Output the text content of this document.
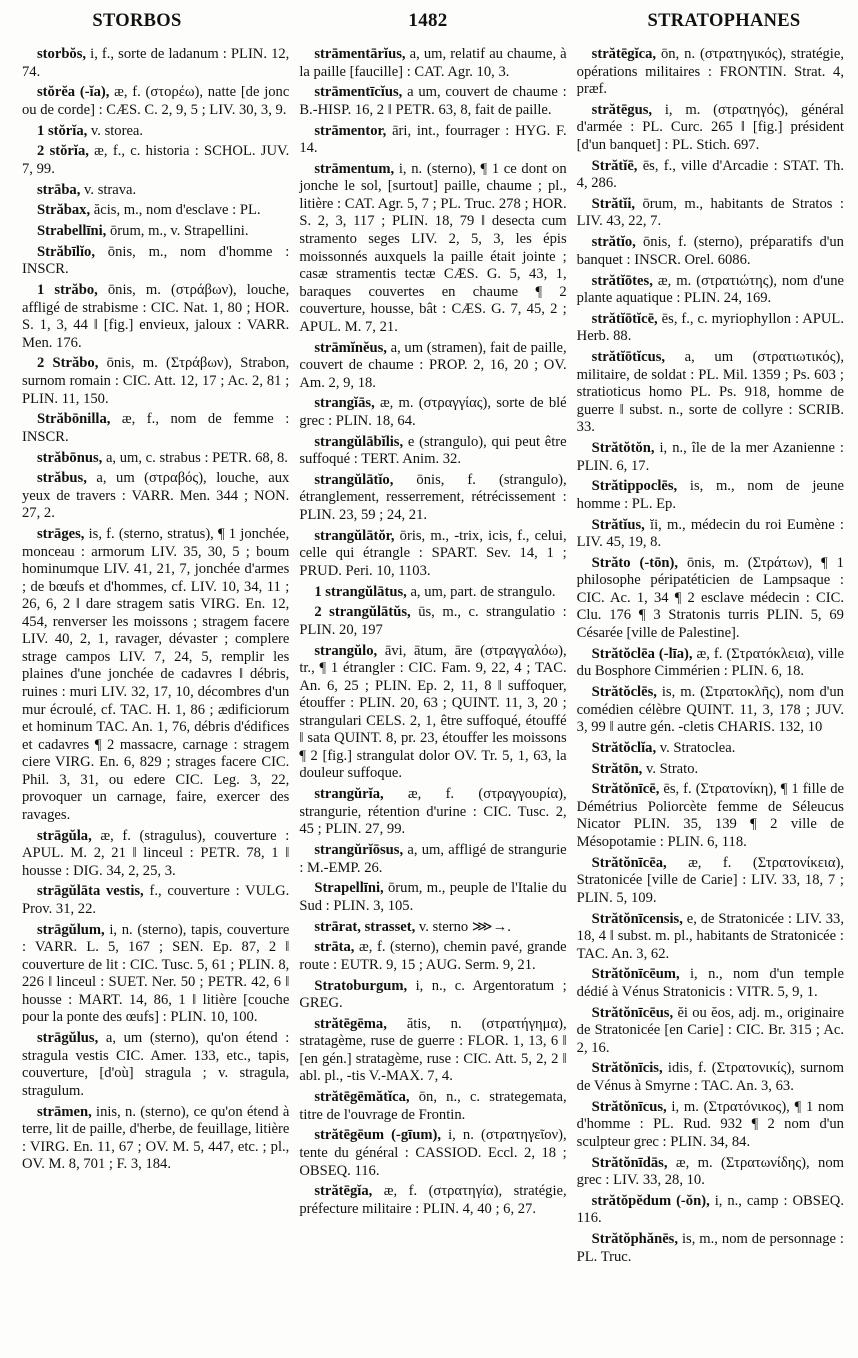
STORBOS	1482	STRATOPHANES

storbŏs, i, f., sorte de ladanum : PLIN. 12, 74.

stŏrĕa (-ĭa), æ, f. (στορέω), natte [de jonc ou de corde] : CÆS. C. 2, 9, 5 ; LIV. 30, 3, 9.

1 stŏrĭa, v. storea.

2 stŏrĭa, æ, f., c. historia : SCHOL. JUV. 7, 99.

strāba, v. strava.

Străbax, ăcis, m., nom d'esclave : PL.

Strabellīni, ōrum, m., v. Strapellini.

Străbīlĭo, ōnis, m., nom d'homme : INSCR.

1 străbo, ōnis, m. (στράβων), louche, affligé de strabisme : CIC. Nat. 1, 80 ; HOR. S. 1, 3, 44 ‖ [fig.] envieux, jaloux : VARR. Men. 176.

2 Străbo, ōnis, m. (Στράβων), Strabon, surnom romain : CIC. Att. 12, 17 ; Ac. 2, 81 ; PLIN. 11, 150.

Străbōnilla, æ, f., nom de femme : INSCR.

străbōnus, a, um, c. strabus : PETR. 68, 8.

străbus, a, um (στραβός), louche, aux yeux de travers : VARR. Men. 344 ; NON. 27, 2.

strāges, is, f. (sterno, stratus), ¶ 1 jonchée, monceau : armorum LIV. 35, 30, 5 ; boum hominumque LIV. 41, 21, 7, jonchée d'armes ; de bœufs et d'hommes, cf. LIV. 10, 34, 11 ; 26, 6, 2 ‖ dare stragem satis VIRG. En. 12, 454, renverser les moissons ; stragem facere LIV. 40, 2, 1, ravager, dévaster ; complere strage campos LIV. 7, 24, 5, remplir les plaines d'une jonchée de cadavres ‖ débris, ruines : muri LIV. 32, 17, 10, décombres d'un mur écroulé, cf. TAC. H. 1, 86 ; ædificiorum et hominum TAC. An. 1, 76, débris d'édifices et cadavres ¶ 2 massacre, carnage : stragem ciere VIRG. En. 6, 829 ; strages facere CIC. Phil. 3, 31, ou edere CIC. Leg. 3, 22, provoquer un carnage, faire, exercer des ravages.

strāgŭla, æ, f. (stragulus), couverture : APUL. M. 2, 21 ‖ linceul : PETR. 78, 1 ‖ housse : DIG. 34, 2, 25, 3.

strāgŭlāta vestis, f., couverture : VULG. Prov. 31, 22.

strāgŭlum, i, n. (sterno), tapis, couverture : VARR. L. 5, 167 ; SEN. Ep. 87, 2 ‖ couverture de lit : CIC. Tusc. 5, 61 ; PLIN. 8, 226 ‖ linceul : SUET. Ner. 50 ; PETR. 42, 6 ‖ housse : MART. 14, 86, 1 ‖ litière [couche pour la ponte des œufs] : PLIN. 10, 100.

strāgŭlus, a, um (sterno), qu'on étend : stragula vestis CIC. Amer. 133, etc., tapis, couverture, [d'où] stragula ; v. stragula, stragulum.

strāmen, inis, n. (sterno), ce qu'on étend à terre, lit de paille, d'herbe, de feuillage, litière : VIRG. En. 11, 67 ; OV. M. 5, 447, etc. ; pl., OV. M. 8, 701 ; F. 3, 184.

strāmentārĭus, a, um, relatif au chaume, à la paille [faucille] : CAT. Agr. 10, 3.

strāmentīcĭus, a um, couvert de chaume : B.-HISP. 16, 2 ‖ PETR. 63, 8, fait de paille.

strāmentor, āri, int., fourrager : HYG. F. 14.

strāmentum, i, n. (sterno), ¶ 1 ce dont on jonche le sol, [surtout] paille, chaume ; pl., litière : CAT. Agr. 5, 7 ; PL. Truc. 278 ; HOR. S. 2, 3, 117 ; PLIN. 18, 79 ‖ desecta cum stramento seges LIV. 2, 5, 3, les épis moissonnés auxquels la paille était jointe ; casæ stramentis tectæ CÆS. G. 5, 43, 1, baraques couvertes en chaume ¶ 2 couverture, housse, bât : CÆS. G. 7, 45, 2 ; APUL. M. 7, 21.

strāmĭnĕus, a, um (stramen), fait de paille, couvert de chaume : PROP. 2, 16, 20 ; OV. Am. 2, 9, 18.

strangĭās, æ, m. (στραγγίας), sorte de blé grec : PLIN. 18, 64.

strangŭlābĭlis, e (strangulo), qui peut être suffoqué : TERT. Anim. 32.

strangŭlātĭo, ōnis, f. (strangulo), étranglement, resserrement, rétrécissement : PLIN. 23, 59 ; 24, 21.

strangŭlātŏr, ōris, m., -trix, icis, f., celui, celle qui étrangle : SPART. Sev. 14, 1 ; PRUD. Peri. 10, 1103.

1 strangŭlātus, a, um, part. de strangulo.

2 strangŭlātŭs, ūs, m., c. strangulatio : PLIN. 20, 197

strangŭlo, āvi, ātum, āre (στραγγαλόω), tr., ¶ 1 étrangler : CIC. Fam. 9, 22, 4 ; TAC. An. 6, 25 ; PLIN. Ep. 2, 11, 8 ‖ suffoquer, étouffer : PLIN. 20, 63 ; QUINT. 11, 3, 20 ; strangulari CELS. 2, 1, être suffoqué, étouffé ‖ sata QUINT. 8, pr. 23, étouffer les moissons ¶ 2 [fig.] strangulat dolor OV. Tr. 5, 1, 63, la douleur suffoque.

strangŭrĭa, æ, f. (στραγγουρία), strangurie, rétention d'urine : CIC. Tusc. 2, 45 ; PLIN. 27, 99.

strangŭrĭōsus, a, um, affligé de strangurie : M.-EMP. 26.

Strapellīni, ōrum, m., peuple de l'Italie du Sud : PLIN. 3, 105.

strārat, strasset, v. sterno ⋙→.

strāta, æ, f. (sterno), chemin pavé, grande route : EUTR. 9, 15 ; AUG. Serm. 9, 21.

Stratoburgum, i, n., c. Argentoratum ; GREG.

strătēgēma, ătis, n. (στρατήγημα), stratagème, ruse de guerre : FLOR. 1, 13, 6 ‖ [en gén.] stratagème, ruse : CIC. Att. 5, 2, 2 ‖ abl. pl., -tis V.-MAX. 7, 4.

strătēgēmătĭca, ōn, n., c. strategemata, titre de l'ouvrage de Frontin.

strătēgēum (-gīum), i, n. (στρατηγεῖον), tente du général : CASSIOD. Eccl. 2, 18 ; OBSEQ. 116.

strătēgĭa, æ, f. (στρατηγία), stratégie, préfecture militaire : PLIN. 4, 40 ; 6, 27.

strătēgĭca, ōn, n. (στρατηγικός), stratégie, opérations militaires : FRONTIN. Strat. 4, præf.

strătēgus, i, m. (στρατηγός), général d'armée : PL. Curc. 265 ‖ [fig.] président [d'un banquet] : PL. Stich. 697.

Strătĭē, ēs, f., ville d'Arcadie : STAT. Th. 4, 286.

Strătĭi, ōrum, m., habitants de Stratos : LIV. 43, 22, 7.

strătĭo, ōnis, f. (sterno), préparatifs d'un banquet : INSCR. Orel. 6086.

strătĭōtes, æ, m. (στρατιώτης), nom d'une plante aquatique : PLIN. 24, 169.

strătĭōtĭcē, ēs, f., c. myriophyllon : APUL. Herb. 88.

strătĭōtĭcus, a, um (στρατιωτικός), militaire, de soldat : PL. Mil. 1359 ; Ps. 603 ; stratioticus homo PL. Ps. 918, homme de guerre ‖ subst. n., sorte de collyre : SCRIB. 33.

Strătŏtŏn, i, n., île de la mer Azanienne : PLIN. 6, 17.

Strătippoclēs, is, m., nom de jeune homme : PL. Ep.

Strătĭus, ĭi, m., médecin du roi Eumène : LIV. 45, 19, 8.

Străto (-tōn), ōnis, m. (Στράτων), ¶ 1 philosophe péripatéticien de Lampsaque : CIC. Ac. 1, 34 ¶ 2 esclave médecin : CIC. Clu. 176 ¶ 3 Stratonis turris PLIN. 5, 69 Césarée [ville de Palestine].

Strătŏclēa (-līa), æ, f. (Στρατόκλεια), ville du Bosphore Cimmérien : PLIN. 6, 18.

Strătŏclēs, is, m. (Στρατοκλῆς), nom d'un comédien célèbre QUINT. 11, 3, 178 ; JUV. 3, 99 ‖ autre gén. -cletis CHARIS. 132, 10

Strătŏclĭa, v. Stratoclea.

Strătōn, v. Strato.

Strătŏnīcē, ēs, f. (Στρατονίκη), ¶ 1 fille de Démétrius Poliorcète femme de Séleucus Nicator PLIN. 35, 139 ¶ 2 ville de Mésopotamie : PLIN. 6, 118.

Strătŏnīcēa, æ, f. (Στρατονίκεια), Stratonicée [ville de Carie] : LIV. 33, 18, 7 ; PLIN. 5, 109.

Strătŏnīcensis, e, de Stratonicée : LIV. 33, 18, 4 ‖ subst. m. pl., habitants de Stratonicée : TAC. An. 3, 62.

Strătŏnīcēum, i, n., nom d'un temple dédié à Vénus Stratonicis : VITR. 5, 9, 1.

Strătŏnīcēus, ĕi ou ĕos, adj. m., originaire de Stratonicée [en Carie] : CIC. Br. 315 ; Ac. 2, 16.

Strătŏnīcis, idis, f. (Στρατονικίς), surnom de Vénus à Smyrne : TAC. An. 3, 63.

Strătŏnīcus, i, m. (Στρατόνικος), ¶ 1 nom d'homme : PL. Rud. 932 ¶ 2 nom d'un sculpteur grec : PLIN. 34, 84.

Strătŏnīdās, æ, m. (Στρατωνίδης), nom grec : LIV. 33, 28, 10.

strătŏpĕdum (-ŏn), i, n., camp : OBSEQ. 116.

Strătŏphănēs, is, m., nom de personnage : PL. Truc.
